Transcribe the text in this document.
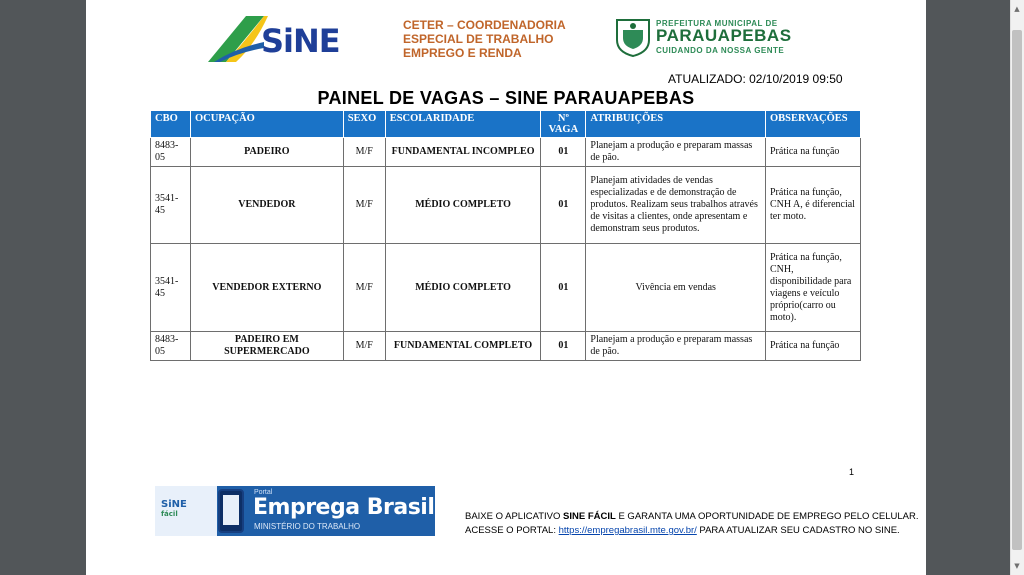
SiNE	CETER – COORDENADORIA
ESPECIAL DE TRABALHO
EMPREGO E RENDA
PREFEITURA MUNICIPAL DE
PARAUAPEBAS
CUIDANDO DA NOSSA GENTE
ATUALIZADO: 02/10/2019 09:50
PAINEL DE VAGAS – SINE PARAUAPEBAS
CBO	OCUPAÇÃO	SEXO	ESCOLARIDADE	Nº
VAGA	ATRIBUIÇÕES	OBSERVAÇÕES
8483-05	PADEIRO	M/F	FUNDAMENTAL INCOMPLEO	01	Planejam a produção e preparam massas de pão.	Prática na função
3541-45	VENDEDOR	M/F	MÉDIO COMPLETO	01	Planejam atividades de vendas especializadas e de demonstração de produtos. Realizam seus trabalhos através de visitas a clientes, onde apresentam e demonstram seus produtos.	Prática na função, CNH A, é diferencial ter moto.
3541-45	VENDEDOR EXTERNO	M/F	MÉDIO COMPLETO	01	Vivência em vendas	Prática na função, CNH, disponibilidade para viagens e veículo próprio(carro ou moto).
8483-05	PADEIRO EM SUPERMERCADO	M/F	FUNDAMENTAL COMPLETO	01	Planejam a produção e preparam massas de pão.	Prática na função
1
SiNE
fácil
Portal
Emprega Brasil
MINISTÉRIO DO TRABALHO
BAIXE O APLICATIVO SINE FÁCIL E GARANTA UMA OPORTUNIDADE DE EMPREGO PELO CELULAR.
ACESSE O PORTAL: https://empregabrasil.mte.gov.br/ PARA ATUALIZAR SEU CADASTRO NO SINE.
▲
▼
